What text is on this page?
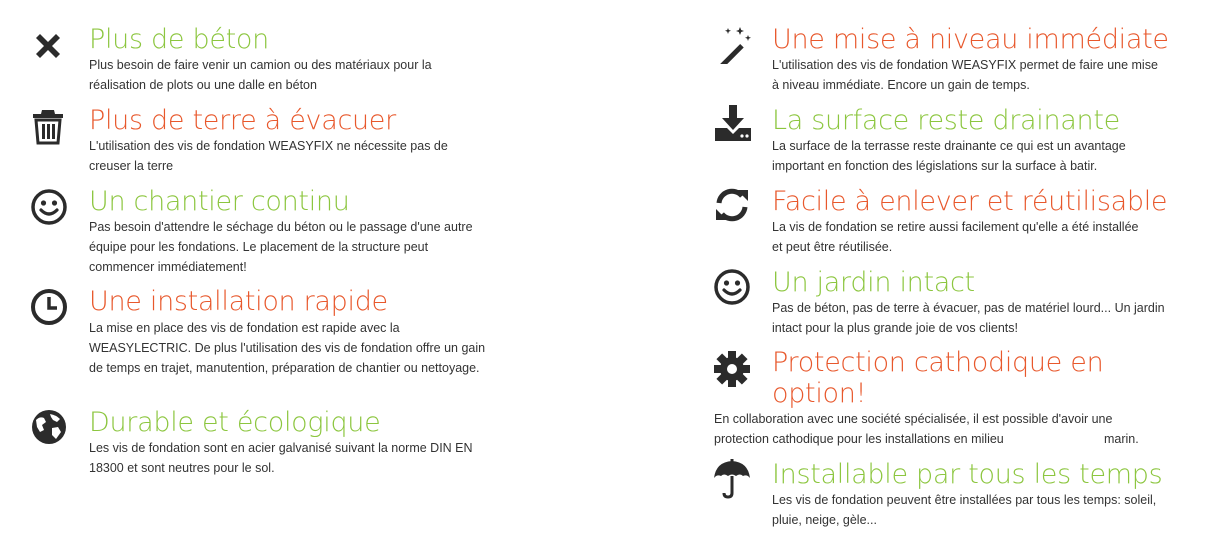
Plus de béton
Plus besoin de faire venir un camion ou des matériaux pour la réalisation de plots ou une dalle en béton
Plus de terre à évacuer
L'utilisation des vis de fondation WEASYFIX ne nécessite pas de creuser la terre
Un chantier continu
Pas besoin d'attendre le séchage du béton ou le passage d'une autre équipe pour les fondations. Le placement de la structure peut commencer immédiatement!
Une installation rapide
La mise en place des vis de fondation est rapide avec la WEASYLECTRIC. De plus l'utilisation des vis de fondation offre un gain de temps en trajet, manutention, préparation de chantier ou nettoyage.
Durable et écologique
Les vis de fondation sont en acier galvanisé suivant la norme DIN EN 18300 et sont neutres pour le sol.
Une mise à niveau immédiate
L'utilisation des vis de fondation WEASYFIX permet de faire une mise à niveau immédiate. Encore un gain de temps.
La surface reste drainante
La surface de la terrasse reste drainante ce qui est un avantage important en fonction des législations sur la surface à batir.
Facile à enlever et réutilisable
La vis de fondation se retire aussi facilement qu'elle a été installée et peut être réutilisée.
Un jardin intact
Pas de béton, pas de terre à évacuer, pas de matériel lourd... Un jardin intact pour la plus grande joie de vos clients!
Protection cathodique en
option!
En collaboration avec une société spécialisée, il est possible d'avoir une
protection cathodique pour les installations en milieu	marin.
Installable par tous les temps
Les vis de fondation peuvent être installées par tous les temps: soleil, pluie, neige, gèle...
